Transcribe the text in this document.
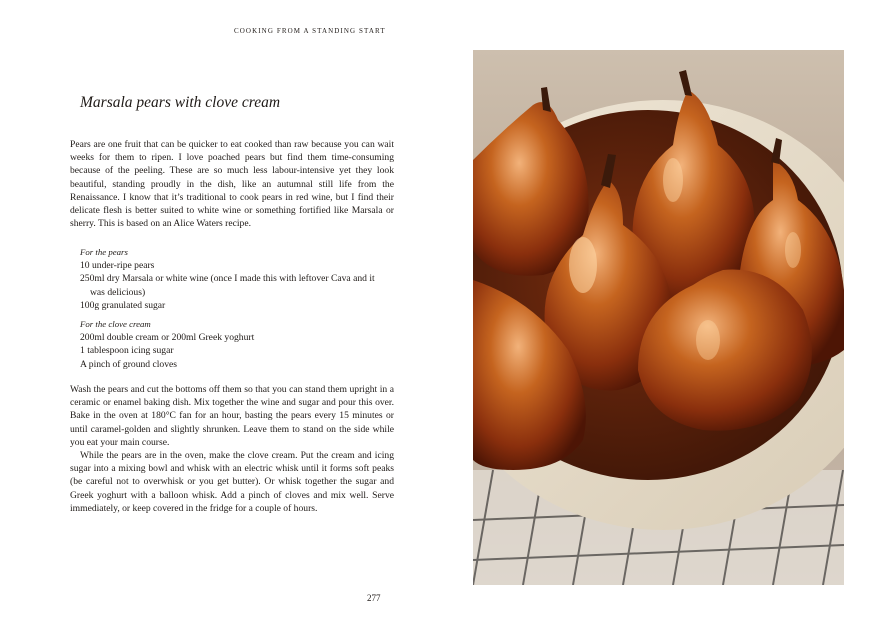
COOKING FROM A STANDING START
Marsala pears with clove cream

Pears are one fruit that can be quicker to eat cooked than raw because you can wait weeks for them to ripen. I love poached pears but find them time-consuming because of the peeling. These are so much less labour-intensive yet they look beautiful, standing proudly in the dish, like an autumnal still life from the Renaissance. I know that it’s traditional to cook pears in red wine, but I find their delicate flesh is better suited to white wine or something fortified like Marsala or sherry. This is based on an Alice Waters recipe.

For the pears
10 under-ripe pears
250ml dry Marsala or white wine (once I made this with leftover Cava and it
was delicious)
100g granulated sugar
For the clove cream
200ml double cream or 200ml Greek yoghurt
1 tablespoon icing sugar
A pinch of ground cloves

Wash the pears and cut the bottoms off them so that you can stand them upright in a ceramic or enamel baking dish. Mix together the wine and sugar and pour this over. Bake in the oven at 180°C fan for an hour, basting the pears every 15 minutes or until caramel-golden and slightly shrunken. Leave them to stand on the side while you eat your main course.

While the pears are in the oven, make the clove cream. Put the cream and icing sugar into a mixing bowl and whisk with an electric whisk until it forms soft peaks (be careful not to overwhisk or you get butter). Or whisk together the sugar and Greek yoghurt with a balloon whisk. Add a pinch of cloves and mix well. Serve immediately, or keep covered in the fridge for a couple of hours.

277
